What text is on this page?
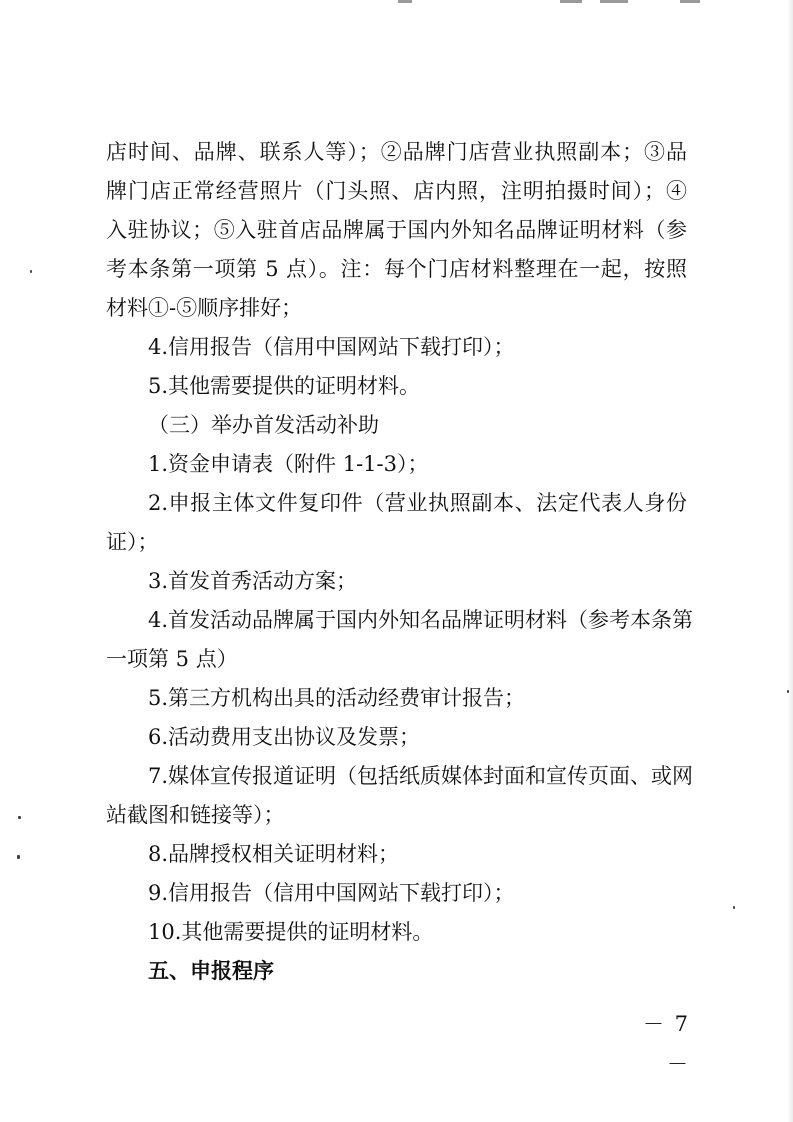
店时间、品牌、联系人等）；②品牌门店营业执照副本；③品
牌门店正常经营照片（门头照、店内照，注明拍摄时间）；④
入驻协议；⑤入驻首店品牌属于国内外知名品牌证明材料（参
考本条第一项第 5 点）。注：每个门店材料整理在一起，按照
材料①-⑤顺序排好；
4.信用报告（信用中国网站下载打印）；
5.其他需要提供的证明材料。
（三）举办首发活动补助
1.资金申请表（附件 1-1-3）；
2.申报主体文件复印件（营业执照副本、法定代表人身份
证）；
3.首发首秀活动方案；
4.首发活动品牌属于国内外知名品牌证明材料（参考本条第
一项第 5 点）
5.第三方机构出具的活动经费审计报告；
6.活动费用支出协议及发票；
7.媒体宣传报道证明（包括纸质媒体封面和宣传页面、或网
站截图和链接等）；
8.品牌授权相关证明材料；
9.信用报告（信用中国网站下载打印）；
10.其他需要提供的证明材料。
五、申报程序
－ 7 －
